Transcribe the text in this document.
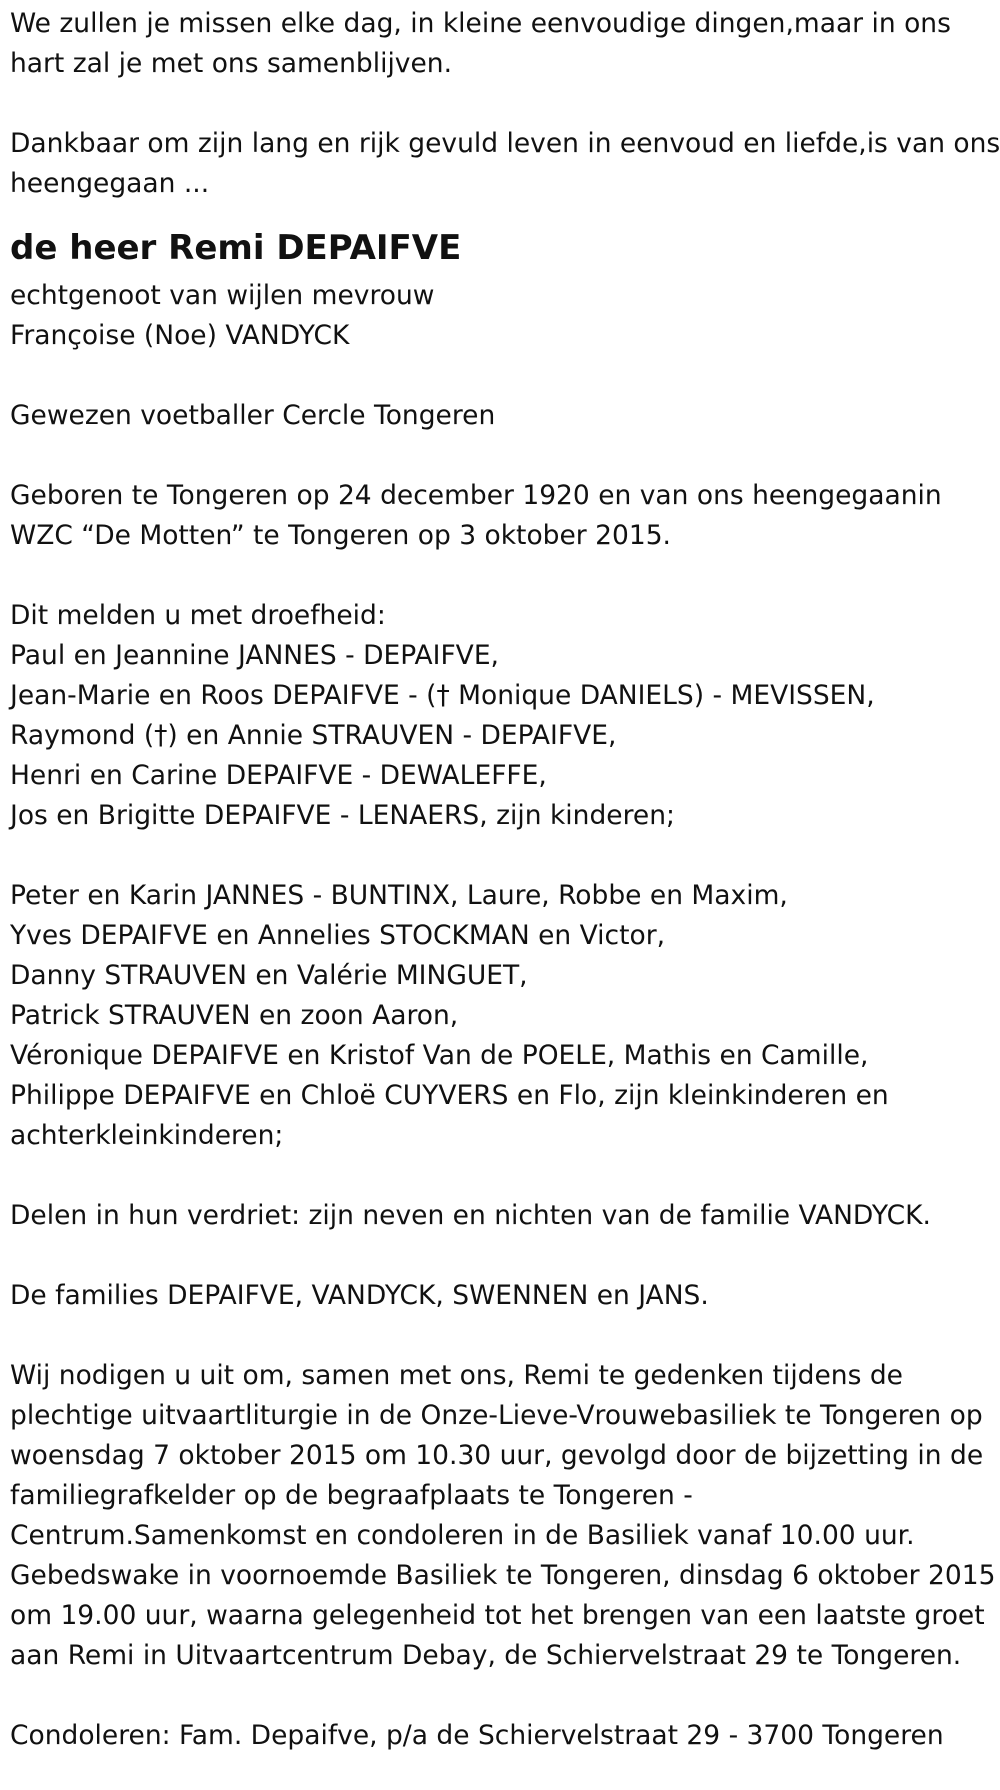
We zullen je missen elke dag, in kleine eenvoudige dingen,maar in ons
hart zal je met ons samenblijven.

Dankbaar om zijn lang en rijk gevuld leven in eenvoud en liefde,is van ons
heengegaan ...

de heer Remi DEPAIFVE

echtgenoot van wijlen mevrouw
Françoise (Noe) VANDYCK

Gewezen voetballer Cercle Tongeren

Geboren te Tongeren op 24 december 1920 en van ons heengegaanin
WZC “De Motten” te Tongeren op 3 oktober 2015.

Dit melden u met droefheid:
Paul en Jeannine JANNES - DEPAIFVE,
Jean-Marie en Roos DEPAIFVE - († Monique DANIELS) - MEVISSEN,
Raymond (†) en Annie STRAUVEN - DEPAIFVE,
Henri en Carine DEPAIFVE - DEWALEFFE,
Jos en Brigitte DEPAIFVE - LENAERS, zijn kinderen;

Peter en Karin JANNES - BUNTINX, Laure, Robbe en Maxim,
Yves DEPAIFVE en Annelies STOCKMAN en Victor,
Danny STRAUVEN en Valérie MINGUET,
Patrick STRAUVEN en zoon Aaron,
Véronique DEPAIFVE en Kristof Van de POELE, Mathis en Camille,
Philippe DEPAIFVE en Chloë CUYVERS en Flo, zijn kleinkinderen en
achterkleinkinderen;

Delen in hun verdriet: zijn neven en nichten van de familie VANDYCK.

De families DEPAIFVE, VANDYCK, SWENNEN en JANS.

Wij nodigen u uit om, samen met ons, Remi te gedenken tijdens de
plechtige uitvaartliturgie in de Onze-Lieve-Vrouwebasiliek te Tongeren op
woensdag 7 oktober 2015 om 10.30 uur, gevolgd door de bijzetting in de
familiegrafkelder op de begraafplaats te Tongeren -
Centrum.Samenkomst en condoleren in de Basiliek vanaf 10.00 uur.
Gebedswake in voornoemde Basiliek te Tongeren, dinsdag 6 oktober 2015
om 19.00 uur, waarna gelegenheid tot het brengen van een laatste groet
aan Remi in Uitvaartcentrum Debay, de Schiervelstraat 29 te Tongeren.

Condoleren: Fam. Depaifve, p/a de Schiervelstraat 29 - 3700 Tongeren
